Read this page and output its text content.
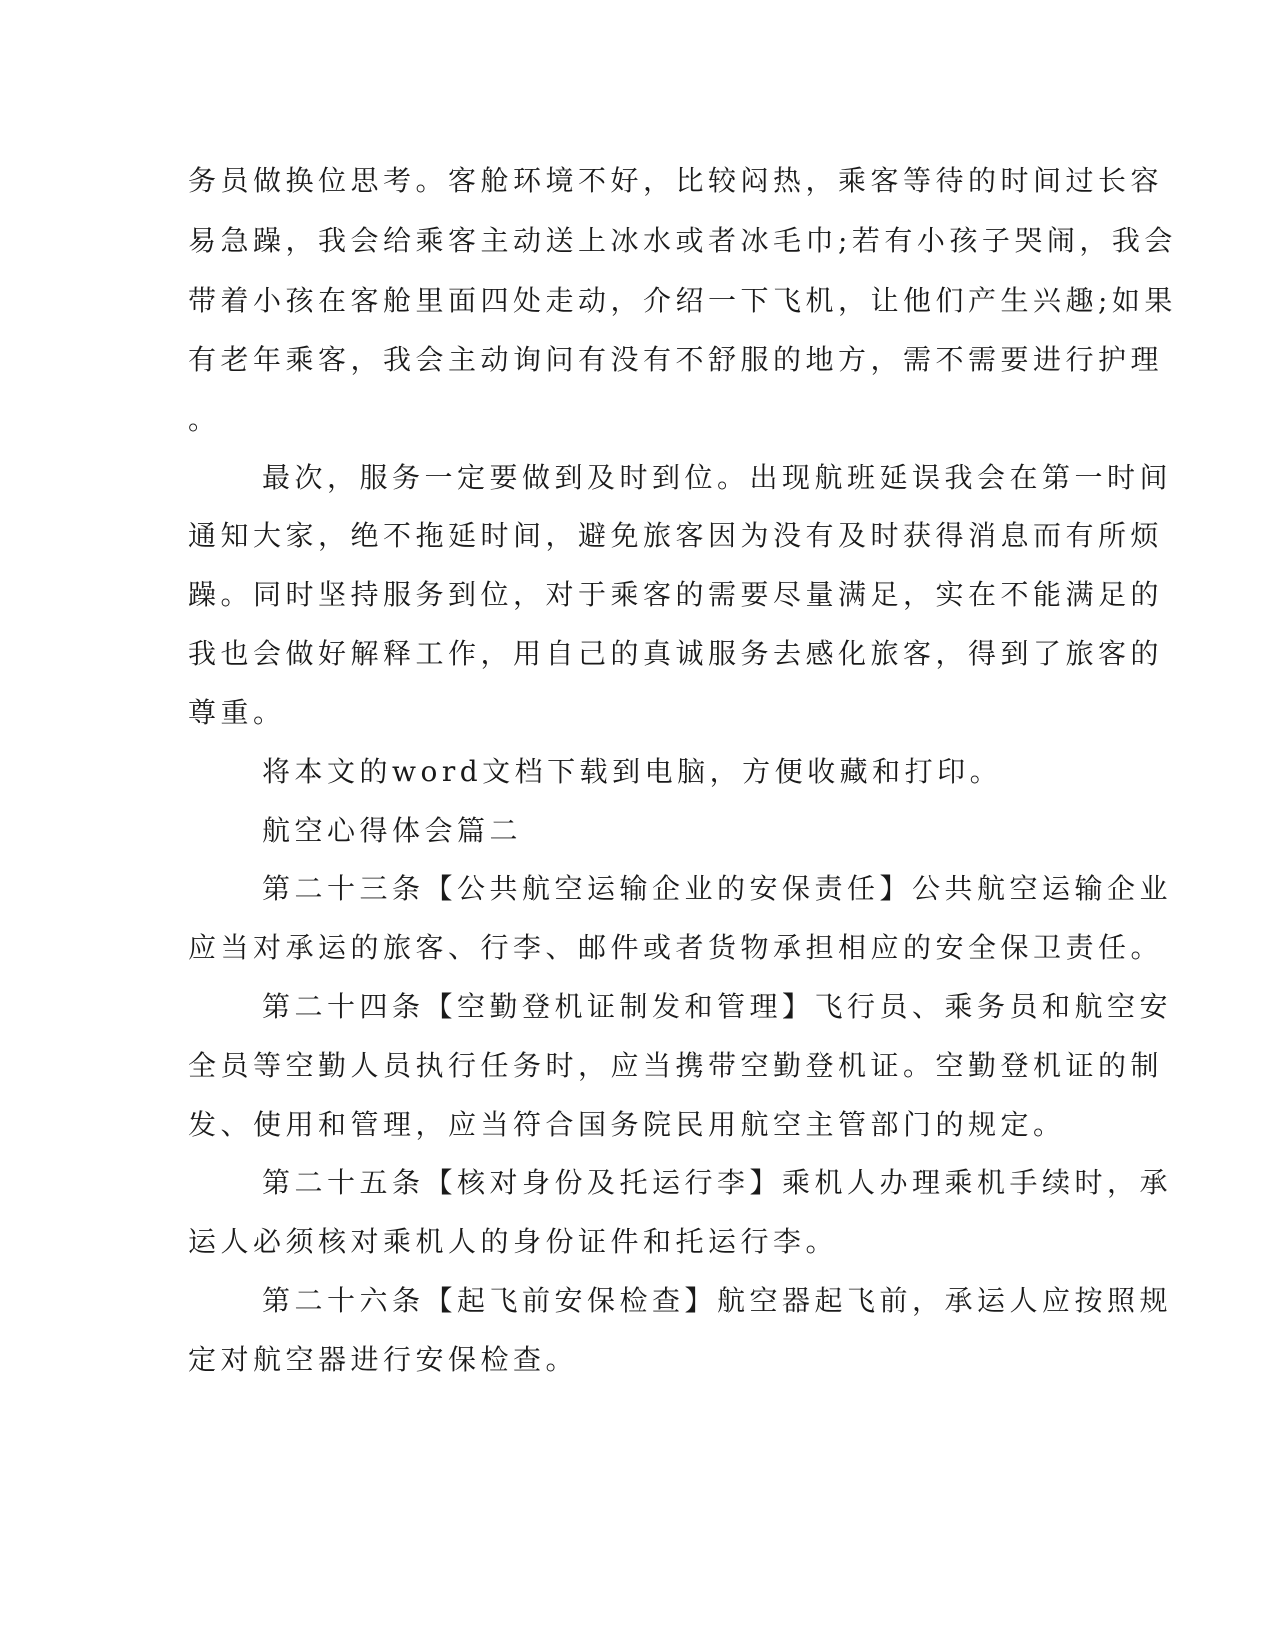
务员做换位思考。客舱环境不好，比较闷热，乘客等待的时间过长容
易急躁，我会给乘客主动送上冰水或者冰毛巾;若有小孩子哭闹，我会
带着小孩在客舱里面四处走动，介绍一下飞机，让他们产生兴趣;如果
有老年乘客，我会主动询问有没有不舒服的地方，需不需要进行护理
。
最次，服务一定要做到及时到位。出现航班延误我会在第一时间
通知大家，绝不拖延时间，避免旅客因为没有及时获得消息而有所烦
躁。同时坚持服务到位，对于乘客的需要尽量满足，实在不能满足的
我也会做好解释工作，用自己的真诚服务去感化旅客，得到了旅客的
尊重。
将本文的word文档下载到电脑，方便收藏和打印。
航空心得体会篇二
第二十三条【公共航空运输企业的安保责任】公共航空运输企业
应当对承运的旅客、行李、邮件或者货物承担相应的安全保卫责任。
第二十四条【空勤登机证制发和管理】飞行员、乘务员和航空安
全员等空勤人员执行任务时，应当携带空勤登机证。空勤登机证的制
发、使用和管理，应当符合国务院民用航空主管部门的规定。
第二十五条【核对身份及托运行李】乘机人办理乘机手续时，承
运人必须核对乘机人的身份证件和托运行李。
第二十六条【起飞前安保检查】航空器起飞前，承运人应按照规
定对航空器进行安保检查。
